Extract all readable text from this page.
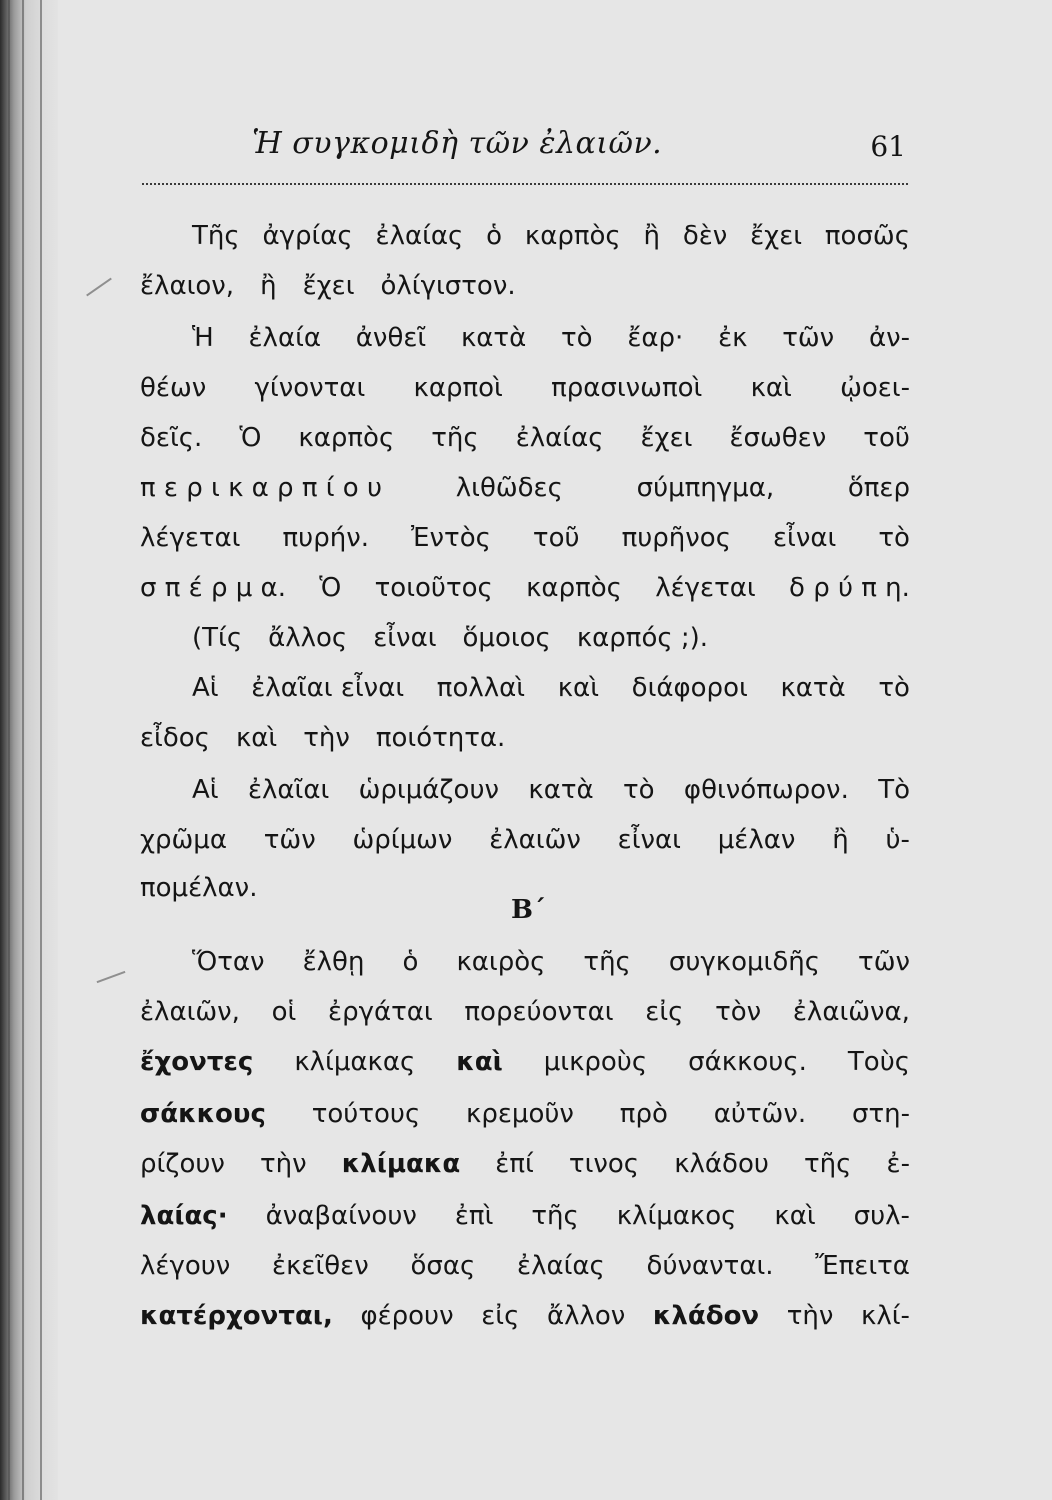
Ἡ συγκομιδὴ τῶν ἐλαιῶν.	61
Τῆς ἀγρίας ἐλαίας ὁ καρπὸς ἢ δὲν ἔχει ποσῶς
ἔλαιον, ἢ ἔχει ὀλίγιστον.
Ἡ ἐλαία ἀνθεῖ κατὰ τὸ ἔαρ· ἐκ τῶν ἀν-
θέων γίνονται καρποὶ πρασινωποὶ καὶ ᾠοει-
δεῖς. Ὁ καρπὸς τῆς ἐλαίας ἔχει ἔσωθεν τοῦ
π ε ρ ι κ α ρ π ί ο υ	λιθῶδες	σύμπηγμα,	ὅπερ
λέγεται πυρήν. Ἐντὸς τοῦ πυρῆνος εἶναι τὸ
σ π έ ρ μ α. Ὁ τοιοῦτος καρπὸς λέγεται δ ρ ύ π η.
(Τίς ἄλλος εἶναι ὅμοιος καρπός ;).
Αἱ ἐλαῖαι εἶναι πολλαὶ καὶ διάφοροι κατὰ τὸ
εἶδος καὶ τὴν ποιότητα.
Αἱ ἐλαῖαι ὡριμάζουν κατὰ τὸ φθινόπωρον. Τὸ
χρῶμα τῶν ὡρίμων ἐλαιῶν εἶναι μέλαν ἢ ὑ-
πομέλαν.
Β΄
Ὅταν ἔλθῃ ὁ καιρὸς τῆς συγκομιδῆς τῶν
ἐλαιῶν, οἱ ἐργάται πορεύονται εἰς τὸν ἐλαιῶνα,
ἔχοντες κλίμακας καὶ μικροὺς σάκκους. Τοὺς
σάκκους τούτους κρεμοῦν πρὸ αὐτῶν. στη-
ρίζουν τὴν κλίμακα ἐπί τινος κλάδου τῆς ἐ-
λαίας· ἀναβαίνουν ἐπὶ τῆς κλίμακος καὶ συλ-
λέγουν ἐκεῖθεν ὅσας ἐλαίας δύνανται. Ἔπειτα
κατέρχονται, φέρουν εἰς ἄλλον κλάδον τὴν κλί-
